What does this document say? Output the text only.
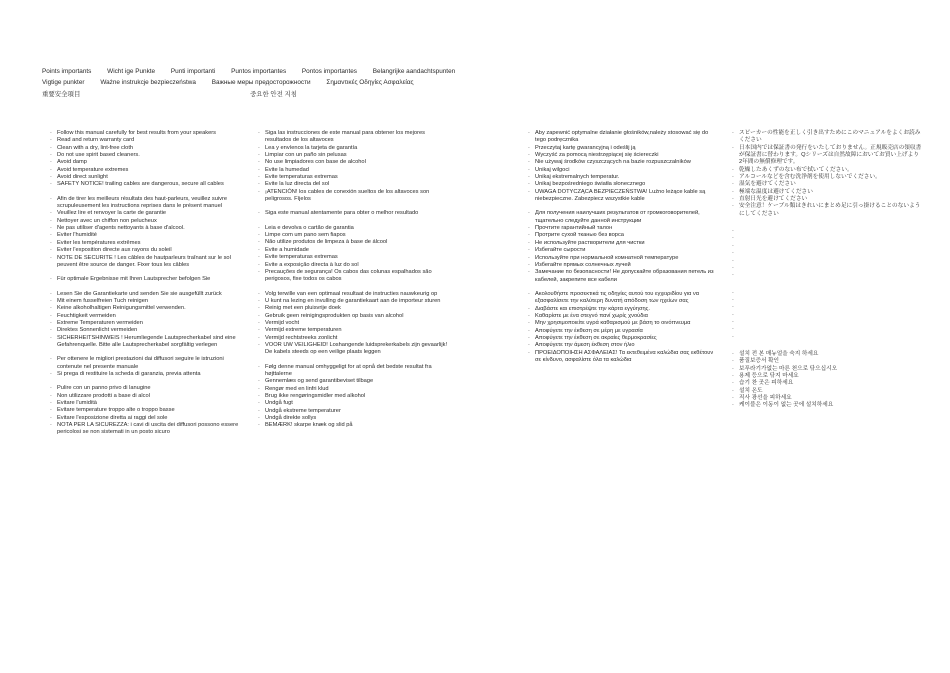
Points importants Wicht ige Punkte Punti importanti Puntos importantes Pontos importantes Belangrijke aandachtspunten
Vigtige punkter Ważne instrukcje bezpieczeństwa Важные меры предосторожности Σημαντικές Οδηγίες Ασφαλείας
重要安全項目	중요한 안전 지침
· Follow this manual carefully for best results from your speakers
· Read and return warranty card
· Clean with a dry, lint-free cloth
· Do not use spirit based cleaners.
· Avoid damp
· Avoid temperature extremes
· Avoid direct sunlight
· SAFETY NOTICE! trailing cables are dangerous, secure all cables
· Afin de tirer les meilleurs résultats des haut-parleurs, veuillez suivre scrupuleusement les instructions reprises dans le présent manuel
· Veuillez lire et renvoyer la carte de garantie
· Nettoyer avec un chiffon non pelucheux
· Ne pas utiliser d'agents nettoyants à base d'alcool.
· Eviter l'humidité
· Eviter les températures extrêmes
· Eviter l'exposition directe aux rayons du soleil
· NOTE DE SECURITE ! Les câbles de hautparleurs traînant sur le sol peuvent être source de danger. Fixer tous les câbles
· Für optimale Ergebnisse mit Ihren Lautsprecher befolgen Sie
· Lesen Sie die Garantiekarte und senden Sie sie ausgefüllt zurück
· Mit einem fusselfreien Tuch reinigen
· Keine alkoholhaltigen Reinigungsmittel verwenden.
· Feuchtigkeit vermeiden
· Extreme Temperaturen vermeiden
· Direktes Sonnenlicht vermeiden
· SICHERHEITSHINWEIS ! Herumliegende Lautsprecherkabel sind eine Gefahrenquelle. Bitte alle Lautsprecherkabel sorgfältig verlegen
· Per ottenere le migliori prestazioni dai diffusori seguire le istruzioni contenute nel presente manuale
· Si prega di restituire la scheda di garanzia, previa attenta
· Pulire con un panno privo di lanugine
· Non utilizzare prodotti a base di alcol
· Evitare l'umidità
· Evitare temperature troppo alte o troppo basse
· Evitare l'esposizione diretta ai raggi del sole
· NOTA PER LA SICUREZZA: i cavi di uscita dei diffusori possono essere pericolosi se non sistemati in un posto sicuro
· Siga las instrucciones de este manual para obtener los mejores resultados de los altavoces
· Lea y envíenos la tarjeta de garantía
· Limpiar con un paño sin pelusas
· No use limpiadores con base de alcohol
· Evite la humedad
· Evite temperaturas extremas
· Evite la luz directa del sol
· ¡ATENCIÓN! los cables de conexión sueltos de los altavoces son peligrosos. Fíjelos
· Siga este manual atentamente para obter o melhor resultado
· Leia e devolva o cartão de garantia
· Limpe com um pano sem fiapos
· Não utilize produtos de limpeza à base de álcool
· Evite a humidade
· Evite temperaturas extremas
· Evite a exposição directa à luz do sol
· Precauções de segurança! Os cabos das colunas espalhados são perigosos, fixe todos os cabos
· Volg terwille van een optimaal resultaat de instructies nauwkeurig op
· U kunt na lezing en invulling de garantiekaart aan de importeur sturen
· Reinig met een pluisvrije doek
· Gebruik geen reinigingsprodukten op basis van alcohol
· Vermijd vocht
· Vermijd extreme temperaturen
· Vermijd rechtstreeks zonlicht
· VOOR UW VEILIGHEID! Loshangende luidsprekerkabels zijn gevaarlijk! De kabels steeds op een veilige plaats leggen
· Følg denne manual omhyggeligt for at opnå det bedste resultat fra højttalerne
· Gennemlæs og send garantibeviset tilbage
· Rengør med en linfri klud
· Brug ikke rengøringsmidler med alkohol
· Undgå fugt
· Undgå ekstreme temperaturer
· Undgå direkte sollys
· BEMÆRK! skarpe knæk og slid på
· Aby zapewnić optymalne działanie głośników,należy stosować się do tego podręcznika
· Przeczytaj kartę gwarancyjną i odeślij ją
· Wyczyść za pomocą niestrzępiącej się ściereczki
· Nie używaj środków czyszczących na bazie rozpuszczalników
· Unikaj wilgoci
· Unikaj ekstremalnych temperatur.
· Unikaj bezpośredniego światła słonecznego
· UWAGA DOTYCZĄCA BEZPIECZEŃSTWA! Luźno leżące kable są niebezpieczne. Zabezpiecz wszystkie kable
· Для получения наилучших результатов от громкоговорителей, тщательно следуйте данной инструкции
· Прочтите гарантийный талон
· Протрите сухой тканью без ворса
· Не используйте растворители для чистки
· Избегайте сырости
· Используйте при нормальной комнатной температуре
· Избегайте прямых солнечных лучей
· Замечание по безопасности! Не допускайте образования петель из кабелей, закрепите все кабели
· Ακολουθήστε προσεκτικά τις οδηγίες αυτού του εγχειριδίου για να εξασφαλίσετε την καλύτερη δυνατή απόδοση των ηχείων σας
· Διαβάστε και επιστρέψτε την κάρτα εγγύησης.
· Καθαρίστε με ένα στεγνό πανί χωρίς χνούδια
· Μην χρησιμοποιείτε υγρά καθαρισμού με βάση το οινόπνευμα
· Αποφύγετε την έκθεση σε μέρη με υγρασία
· Αποφύγετε την έκθεση σε ακραίες θερμοκρασίες
· Αποφύγετε την άμεση έκθεση στον ήλιο
· ΠΡΟΕΙΔΟΠΟΙΗΣΗ ΑΣΦΑΛΕΙΑΣ! Τα εκτεθειμένα καλώδια σας εκθέτουν σε κίνδυνο, ασφαλίστε όλα τα καλώδια
· スピーカーの性能を正しく引き出すためにこのマニュアルをよくお読みください
· 日本国内では保証書の発行をいたしておりません。正規販売店の領収書が保証書に替わります。Qシリーズは自然故障においてお買い上げより2年間の無償修理です。
· 乾燥したあくずのない布で拭いてください。
· アルコールなどを含む洗浄剤を使用しないでください。
· 湿気を避けてください
· 極端な温度は避けてください
· 直射日光を避けてください
· 安全注意！ケーブル類はきれいにまとめ足に引っ掛けることのないようにしてください
·
·
·
·
·
·
·
·
·
·
·
·
·
·
· 설치 전 본 매뉴얼을 숙지 하세요
· 품질보증서 확인
· 보푸라기가없는 마른 천으로 닦으십시오
· 용제 등으로 닦지 마세요
· 습기 찬 곳은 피하세요
· 설치 온도
· 직사 광선을 피하세요
· 케이블은 이동이 없는 곳에 설치하세요
